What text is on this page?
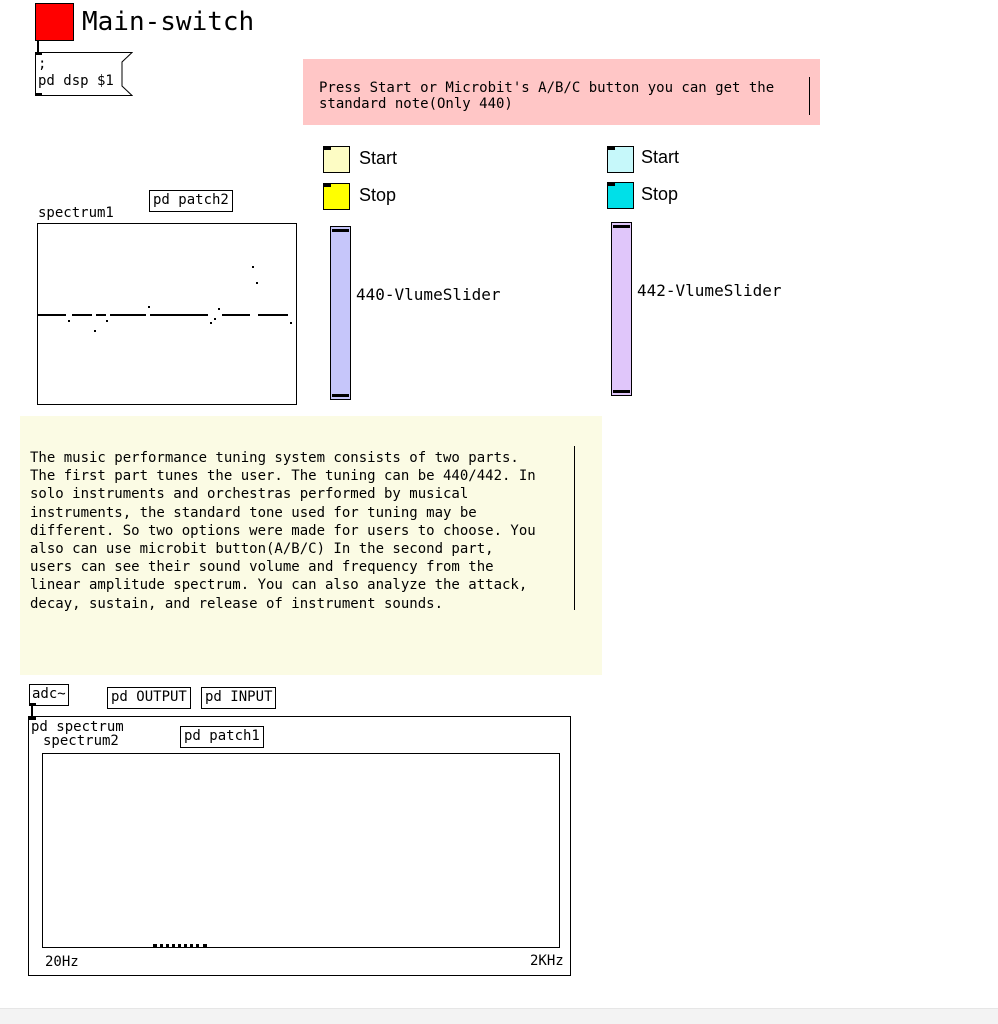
Main-switch
;
pd dsp $1	Press Start or Microbit's A/B/C button you can get the
standard note(Only 440)
Start
Stop
440-VlumeSlider
Start
Stop
442-VlumeSlider
pd patch2
spectrum1
The music performance tuning system consists of two parts.
The first part tunes the user. The tuning can be 440/442. In
solo instruments and orchestras performed by musical
instruments, the standard tone used for tuning may be
different. So two options were made for users to choose. You
also can use microbit button(A/B/C) In the second part,
users can see their sound volume and frequency from the
linear amplitude spectrum. You can also analyze the attack,
decay, sustain, and release of instrument sounds.
adc~	pd OUTPUT pd INPUT
pd spectrum
spectrum2	pd patch1
20Hz	2KHz
